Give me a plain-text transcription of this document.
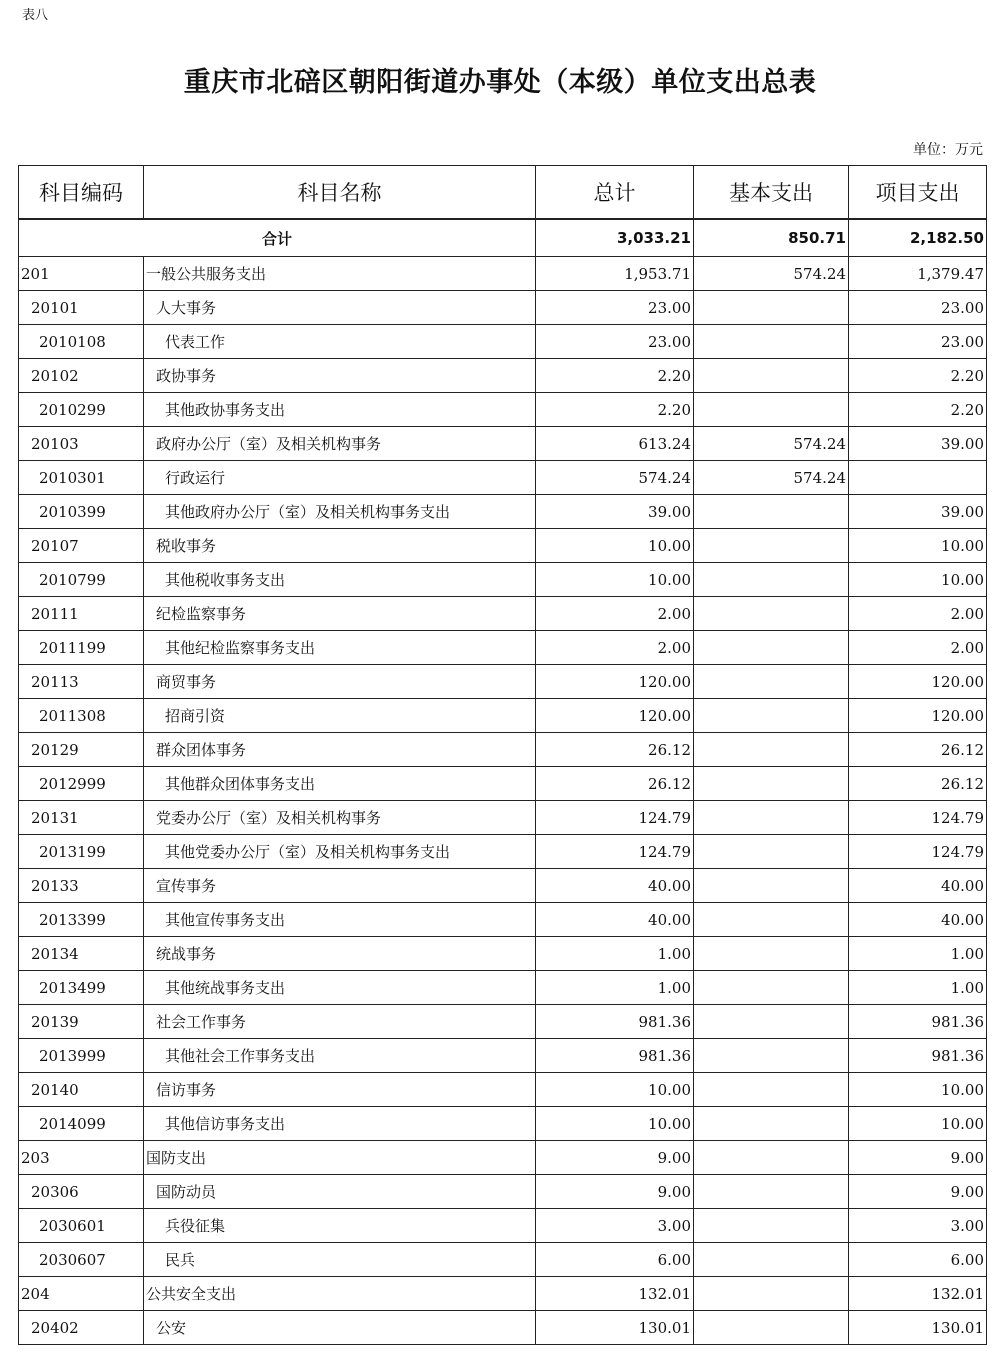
表八
重庆市北碚区朝阳街道办事处（本级）单位支出总表
单位：万元
科目编码	科目名称	总计	基本支出	项目支出
合计		3,033.21	850.71	2,182.50
201	一般公共服务支出	1,953.71	574.24	1,379.47
20101	人大事务	23.00		23.00
2010108	代表工作	23.00		23.00
20102	政协事务	2.20		2.20
2010299	其他政协事务支出	2.20		2.20
20103	政府办公厅（室）及相关机构事务	613.24	574.24	39.00
2010301	行政运行	574.24	574.24	
2010399	其他政府办公厅（室）及相关机构事务支出	39.00		39.00
20107	税收事务	10.00		10.00
2010799	其他税收事务支出	10.00		10.00
20111	纪检监察事务	2.00		2.00
2011199	其他纪检监察事务支出	2.00		2.00
20113	商贸事务	120.00		120.00
2011308	招商引资	120.00		120.00
20129	群众团体事务	26.12		26.12
2012999	其他群众团体事务支出	26.12		26.12
20131	党委办公厅（室）及相关机构事务	124.79		124.79
2013199	其他党委办公厅（室）及相关机构事务支出	124.79		124.79
20133	宣传事务	40.00		40.00
2013399	其他宣传事务支出	40.00		40.00
20134	统战事务	1.00		1.00
2013499	其他统战事务支出	1.00		1.00
20139	社会工作事务	981.36		981.36
2013999	其他社会工作事务支出	981.36		981.36
20140	信访事务	10.00		10.00
2014099	其他信访事务支出	10.00		10.00
203	国防支出	9.00		9.00
20306	国防动员	9.00		9.00
2030601	兵役征集	3.00		3.00
2030607	民兵	6.00		6.00
204	公共安全支出	132.01		132.01
20402	公安	130.01		130.01
